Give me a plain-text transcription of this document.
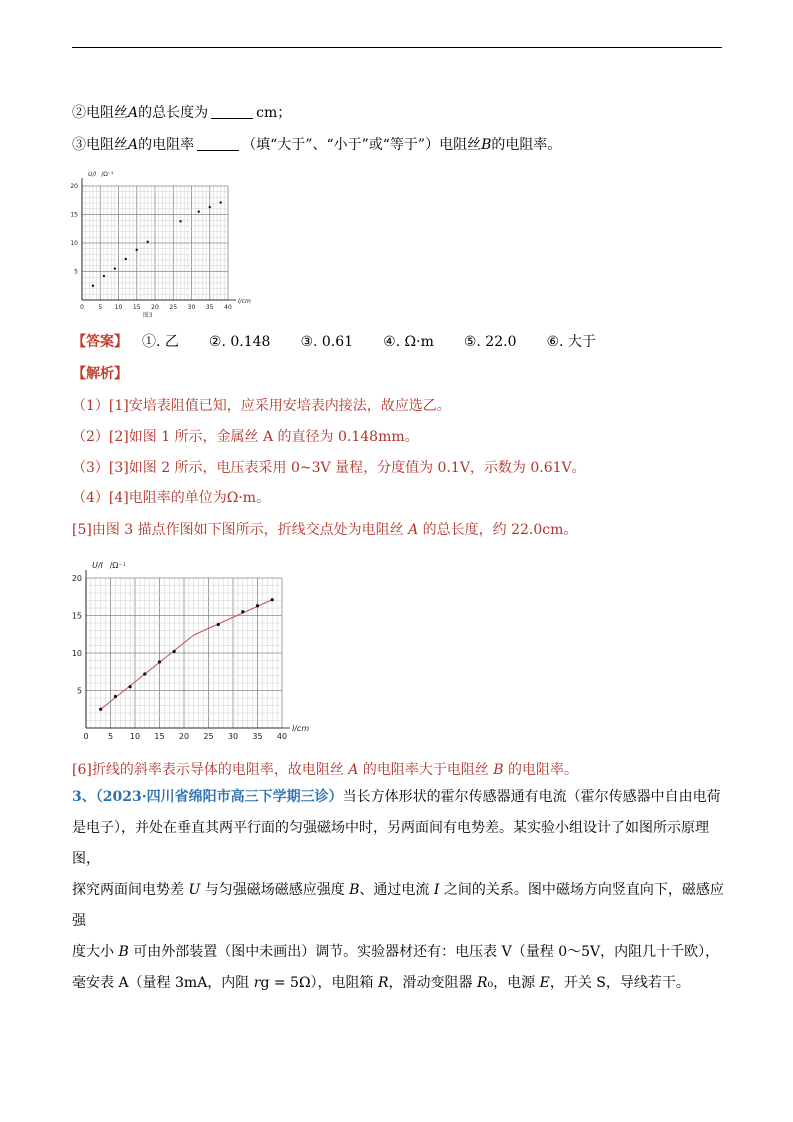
②电阻丝𝐴的总长度为	cm；
③电阻丝𝐴的电阻率	（填“大于”、“小于”或“等于”）电阻丝𝐵的电阻率。
20
15
10
5
0 5 10 15 20 25 30 35 40
l/cm
U/I /Ω⁻¹
图3
【答案】 ①. 乙 ②. 0.148 ③. 0.61 ④. Ω·m ⑤. 22.0 ⑥. 大于
【解析】
（1）[1]安培表阻值已知，应采用安培表内接法，故应选乙。
（2）[2]如图 1 所示，金属丝 A 的直径为 0.148mm。
（3）[3]如图 2 所示，电压表采用 0~3V 量程，分度值为 0.1V，示数为 0.61V。
（4）[4]电阻率的单位为Ω·m。
[5]由图 3 描点作图如下图所示，折线交点处为电阻丝 𝐴 的总长度，约 22.0cm。
20
15
10
5
0 5 10 15 20 25 30 35 40
l/cm
U/I /Ω⁻¹
[6]折线的斜率表示导体的电阻率，故电阻丝 𝐴 的电阻率大于电阻丝 𝐵 的电阻率。
3、（2023·四川省绵阳市高三下学期三诊）当长方体形状的霍尔传感器通有电流（霍尔传感器中自由电荷
是电子），并处在垂直其两平行面的匀强磁场中时，另两面间有电势差。某实验小组设计了如图所示原理图，
探究两面间电势差 𝑈 与匀强磁场磁感应强度 𝐵、通过电流 𝐼 之间的关系。图中磁场方向竖直向下，磁感应强
度大小 𝐵 可由外部装置（图中未画出）调节。实验器材还有：电压表 V（量程 0～5V，内阻几十千欧），
毫安表 A（量程 3mA，内阻 𝑟g = 5Ω），电阻箱 𝑅，滑动变阻器 𝑅₀，电源 𝐸，开关 S，导线若干。
